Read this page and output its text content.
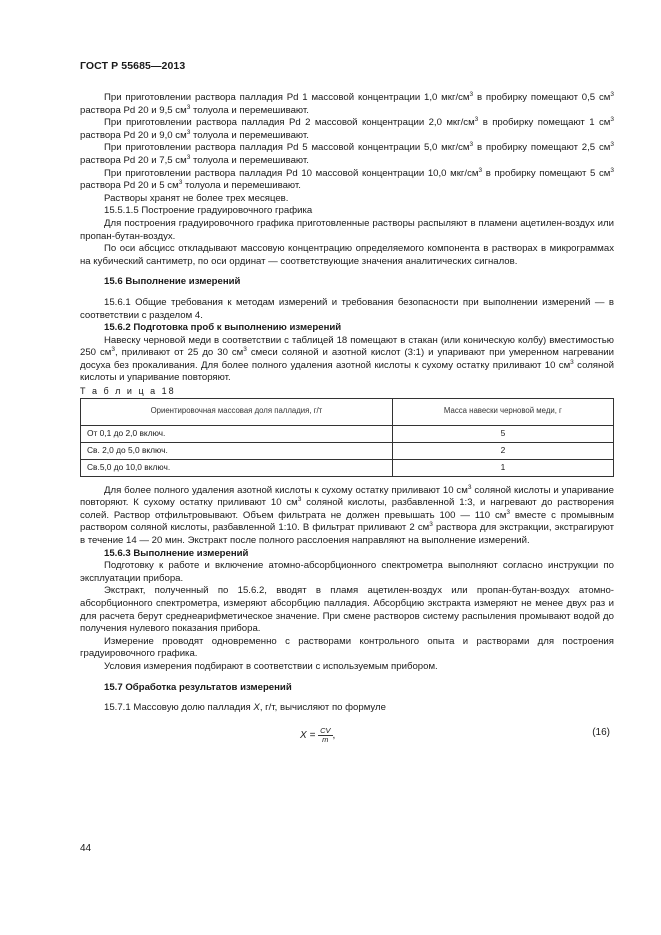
ГОСТ Р 55685—2013

При приготовлении раствора палладия Pd 1 массовой концентрации 1,0 мкг/$см^3$ в пробирку помещают 0,5 $см^3$ раствора Pd 20 и 9,5 $см^3$ толуола и перемешивают.

При приготовлении раствора палладия Pd 2 массовой концентрации 2,0 мкг/$см^3$ в пробирку помещают 1 $см^3$ раствора Pd 20 и 9,0 $см^3$ толуола и перемешивают.

При приготовлении раствора палладия Pd 5 массовой концентрации 5,0 мкг/$см^3$ в пробирку помещают 2,5 $см^3$ раствора Pd 20 и 7,5 $см^3$ толуола и перемешивают.

При приготовлении раствора палладия Pd 10 массовой концентрации 10,0 мкг/$см^3$ в пробирку помещают 5 $см^3$ раствора Pd 20 и 5 $см^3$ толуола и перемешивают.

Растворы хранят не более трех месяцев.

15.5.1.5 Построение градуировочного графика

Для построения градуировочного графика приготовленные растворы распыляют в пламени ацетилен-воздух или пропан-бутан-воздух.

По оси абсцисс откладывают массовую концентрацию определяемого компонента в растворах в микрограммах на кубический сантиметр, по оси ординат — соответствующие значения аналитических сигналов.

15.6 Выполнение измерений

15.6.1 Общие требования к методам измерений и требования безопасности при выполнении измерений — в соответствии с разделом 4.

15.6.2 Подготовка проб к выполнению измерений

Навеску черновой меди в соответствии с таблицей 18 помещают в стакан (или коническую колбу) вместимостью 250 $см^3$, приливают от 25 до 30 $см^3$ смеси соляной и азотной кислот (3:1) и упаривают при умеренном нагревании досуха без прокаливания. Для более полного удаления азотной кислоты к сухому остатку приливают 10 $см^3$ соляной кислоты и упаривание повторяют.

Т а б л и ц а 18

Ориентировочная массовая доля палладия, г/т	Масса навески черновой меди, г
От 0,1 до 2,0 включ.	5
Св. 2,0 до 5,0 включ.	2
Св.5,0 до 10,0 включ.	1

Для более полного удаления азотной кислоты к сухому остатку приливают 10 $см^3$ соляной кислоты и упаривание повторяют. К сухому остатку приливают 10 $см^3$ соляной кислоты, разбавленной 1:3, и нагревают до растворения солей. Раствор отфильтровывают. Объем фильтрата не должен превышать 100 — 110 $см^3$ вместе с промывным раствором соляной кислоты, разбавленной 1:10. В фильтрат приливают 2 $см^3$ раствора для экстракции, экстрагируют в течение 14 — 20 мин. Экстракт после полного расслоения направляют на выполнение измерений.

15.6.3 Выполнение измерений

Подготовку к работе и включение атомно-абсорбционного спектрометра выполняют согласно инструкции по эксплуатации прибора.

Экстракт, полученный по 15.6.2, вводят в пламя ацетилен-воздух или пропан-бутан-воздух атомно-абсорбционного спектрометра, измеряют абсорбцию палладия. Абсорбцию экстракта измеряют не менее двух раз и для расчета берут среднеарифметическое значение. При смене растворов систему распыления промывают водой до получения нулевого показания прибора.

Измерение проводят одновременно с растворами контрольного опыта и растворами для построения градуировочного графика.

Условия измерения подбирают в соответствии с используемым прибором.

15.7 Обработка результатов измерений

15.7.1 Массовую долю палладия X, г/т, вычисляют по формуле

$X = \frac{CV}{m}$ ,	(16)
44
